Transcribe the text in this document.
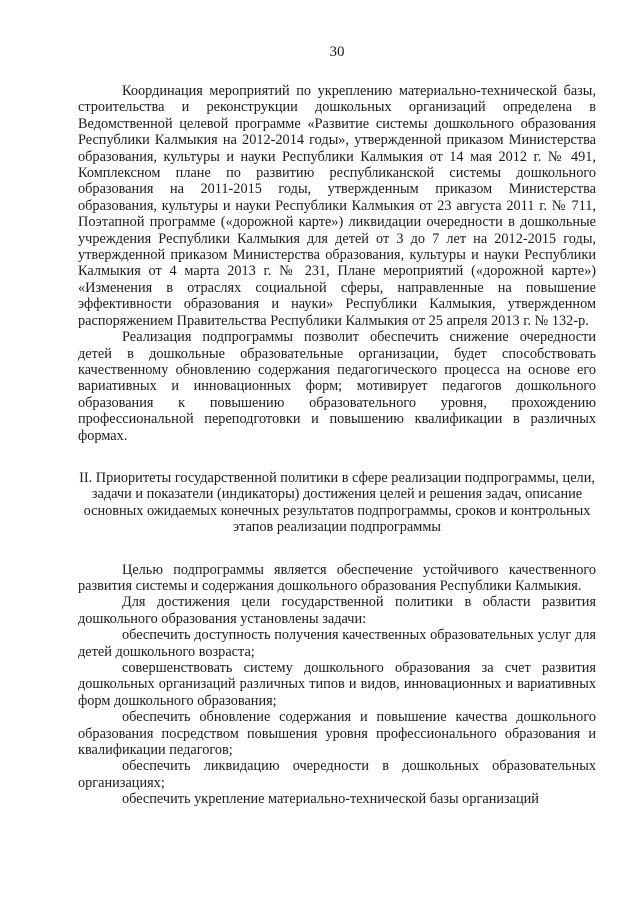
30

Координация мероприятий по укреплению материально-технической базы, строительства и реконструкции дошкольных организаций определена в Ведомственной целевой программе «Развитие системы дошкольного образования Республики Калмыкия на 2012-2014 годы», утвержденной приказом Министерства образования, культуры и науки Республики Калмыкия от 14 мая 2012 г. № 491, Комплексном плане по развитию республиканской системы дошкольного образования на 2011-2015 годы, утвержденным приказом Министерства образования, культуры и науки Республики Калмыкия от 23 августа 2011 г. № 711, Поэтапной программе («дорожной карте») ликвидации очередности в дошкольные учреждения Республики Калмыкия для детей от 3 до 7 лет на 2012-2015 годы, утвержденной приказом Министерства образования, культуры и науки Республики Калмыкия от 4 марта 2013 г. № 231, Плане мероприятий («дорожной карте») «Изменения в отраслях социальной сферы, направленные на повышение эффективности образования и науки» Республики Калмыкия, утвержденном распоряжением Правительства Республики Калмыкия от 25 апреля 2013 г. № 132-р.

Реализация подпрограммы позволит обеспечить снижение очередности детей в дошкольные образовательные организации, будет способствовать качественному обновлению содержания педагогического процесса на основе его вариативных и инновационных форм; мотивирует педагогов дошкольного образования к повышению образовательного уровня, прохождению профессиональной переподготовки и повышению квалификации в различных формах.

II. Приоритеты государственной политики в сфере реализации подпрограммы, цели, задачи и показатели (индикаторы) достижения целей и решения задач, описание основных ожидаемых конечных результатов подпрограммы, сроков и контрольных этапов реализации подпрограммы

Целью подпрограммы является обеспечение устойчивого качественного развития системы и содержания дошкольного образования Республики Калмыкия.

Для достижения цели государственной политики в области развития дошкольного образования установлены задачи:

обеспечить доступность получения качественных образовательных услуг для детей дошкольного возраста;

совершенствовать систему дошкольного образования за счет развития дошкольных организаций различных типов и видов, инновационных и вариативных форм дошкольного образования;

обеспечить обновление содержания и повышение качества дошкольного образования посредством повышения уровня профессионального образования и квалификации педагогов;

обеспечить ликвидацию очередности в дошкольных образовательных организациях;

обеспечить укрепление материально-технической базы организаций
